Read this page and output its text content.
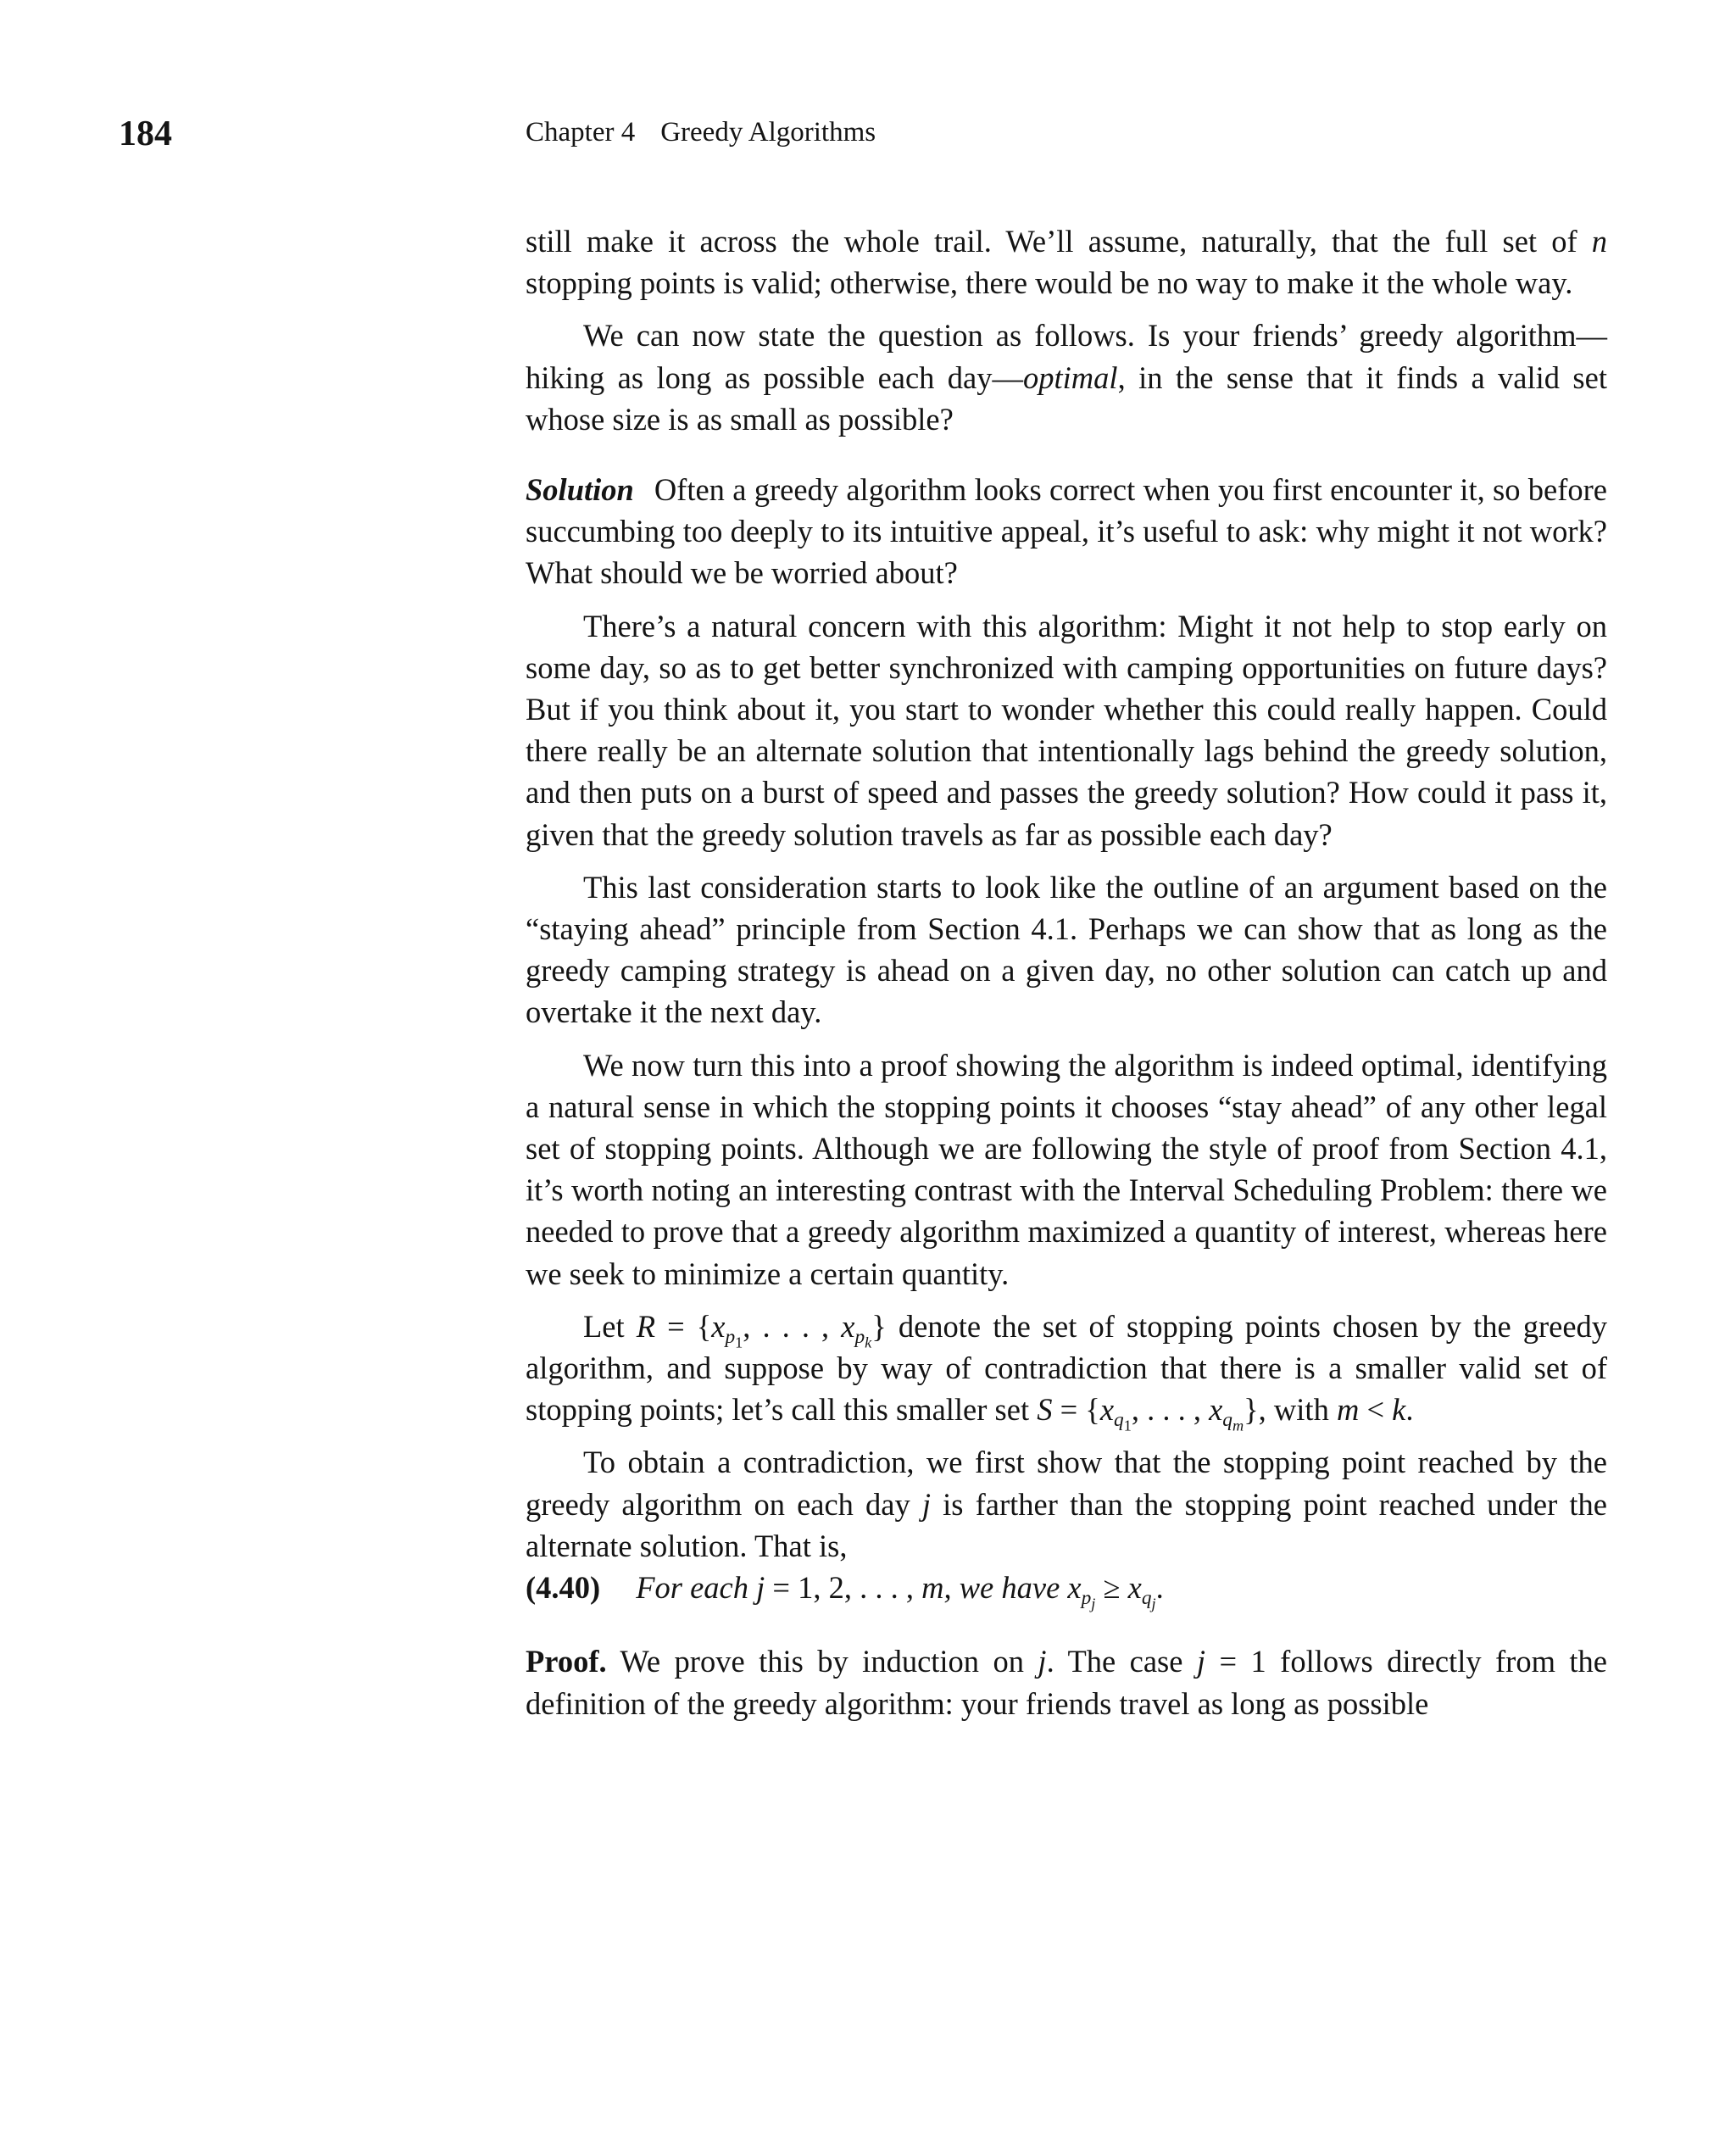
184	Chapter 4 Greedy Algorithms

still make it across the whole trail. We’ll assume, naturally, that the full set of n stopping points is valid; otherwise, there would be no way to make it the whole way.

We can now state the question as follows. Is your friends’ greedy algorithm—hiking as long as possible each day—optimal, in the sense that it finds a valid set whose size is as small as possible?

Solution Often a greedy algorithm looks correct when you first encounter it, so before succumbing too deeply to its intuitive appeal, it’s useful to ask: why might it not work? What should we be worried about?

There’s a natural concern with this algorithm: Might it not help to stop early on some day, so as to get better synchronized with camping opportunities on future days? But if you think about it, you start to wonder whether this could really happen. Could there really be an alternate solution that intentionally lags behind the greedy solution, and then puts on a burst of speed and passes the greedy solution? How could it pass it, given that the greedy solution travels as far as possible each day?

This last consideration starts to look like the outline of an argument based on the “staying ahead” principle from Section 4.1. Perhaps we can show that as long as the greedy camping strategy is ahead on a given day, no other solution can catch up and overtake it the next day.

We now turn this into a proof showing the algorithm is indeed optimal, identifying a natural sense in which the stopping points it chooses “stay ahead” of any other legal set of stopping points. Although we are following the style of proof from Section 4.1, it’s worth noting an interesting contrast with the Interval Scheduling Problem: there we needed to prove that a greedy algorithm maximized a quantity of interest, whereas here we seek to minimize a certain quantity.

Let $R = \{x_{p_1}$, . . . , $x_{p_k}$} denote the set of stopping points chosen by the greedy algorithm, and suppose by way of contradiction that there is a smaller valid set of stopping points; let’s call this smaller set $S = \{x_{q_1}$, . . . , $x_{q_m}$}, with m < k.

To obtain a contradiction, we first show that the stopping point reached by the greedy algorithm on each day j is farther than the stopping point reached under the alternate solution. That is,

(4.40) For each j = 1, 2, . . . , m, we have $x_{p_j} \ge x_{q_j}$.

Proof. We prove this by induction on j. The case j = 1 follows directly from the definition of the greedy algorithm: your friends travel as long as possible
